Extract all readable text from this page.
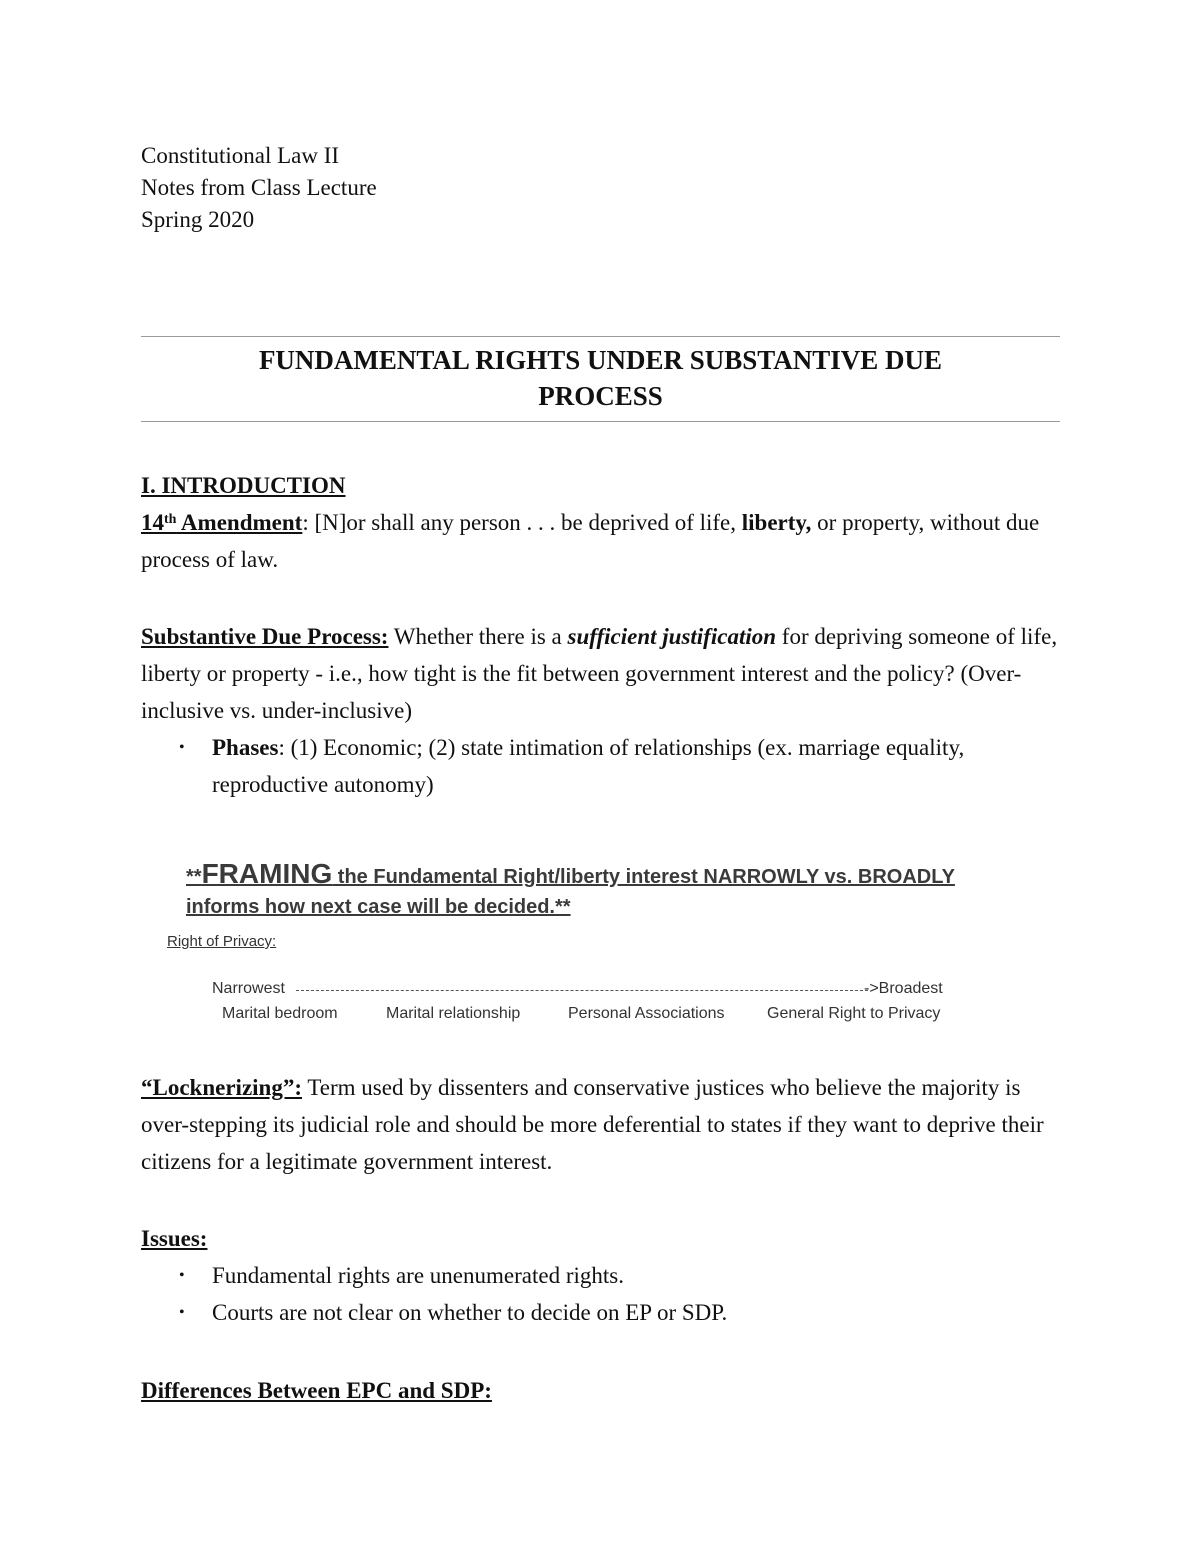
Constitutional Law II
Notes from Class Lecture
Spring 2020
FUNDAMENTAL RIGHTS UNDER SUBSTANTIVE DUE
PROCESS
I. INTRODUCTION
14th Amendment: [N]or shall any person . . . be deprived of life, liberty, or property, without due process of law.
Substantive Due Process: Whether there is a sufficient justification for depriving someone of life, liberty or property - i.e., how tight is the fit between government interest and the policy? (Over-inclusive vs. under-inclusive)
• Phases: (1) Economic; (2) state intimation of relationships (ex. marriage equality, reproductive autonomy)
**FRAMING the Fundamental Right/liberty interest NARROWLY vs. BROADLY informs how next case will be decided.**
Right of Privacy:
Narrowest	->Broadest
Marital bedroom	Marital relationship	Personal Associations	General Right to Privacy
“Locknerizing”: Term used by dissenters and conservative justices who believe the majority is over-stepping its judicial role and should be more deferential to states if they want to deprive their citizens for a legitimate government interest.
Issues:
• Fundamental rights are unenumerated rights.
• Courts are not clear on whether to decide on EP or SDP.
Differences Between EPC and SDP:
